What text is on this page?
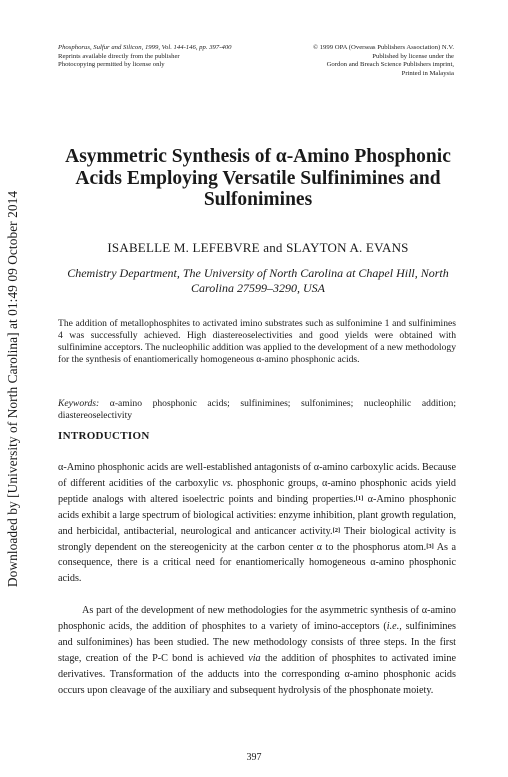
Downloaded by [University of North Carolina] at 01:49 09 October 2014
Phosphorus, Sulfur and Silicon, 1999, Vol. 144-146, pp. 397-400
Reprints available directly from the publisher
Photocopying permitted by license only
© 1999 OPA (Overseas Publishers Association) N.V.
Published by license under the
Gordon and Breach Science Publishers imprint,
Printed in Malaysia
Asymmetric Synthesis of α-Amino Phosphonic
Acids Employing Versatile Sulfinimines and
Sulfonimines
ISABELLE M. LEFEBVRE and SLAYTON A. EVANS
Chemistry Department, The University of North Carolina at Chapel Hill, North
Carolina 27599–3290, USA
The addition of metallophosphites to activated imino substrates such as sulfonimine 1 and sulfinimines 4 was successfully achieved. High diastereoselectivities and good yields were obtained with sulfinimine acceptors. The nucleophilic addition was applied to the development of a new methodology for the synthesis of enantiomerically homogeneous α-amino phosphonic acids.
Keywords: α-amino phosphonic acids; sulfinimines; sulfonimines; nucleophilic addition; diastereoselectivity
INTRODUCTION
α-Amino phosphonic acids are well-established antagonists of α-amino carboxylic acids. Because of different acidities of the carboxylic vs. phosphonic groups, α-amino phosphonic acids yield peptide analogs with altered isoelectric points and binding properties.[1] α-Amino phosphonic acids exhibit a large spectrum of biological activities: enzyme inhibition, plant growth regulation, and herbicidal, antibacterial, neurological and anticancer activity.[2] Their biological activity is strongly dependent on the stereogenicity at the carbon center α to the phosphorus atom.[3] As a consequence, there is a critical need for enantiomerically homogeneous α-amino phosphonic acids.
As part of the development of new methodologies for the asymmetric synthesis of α-amino phosphonic acids, the addition of phosphites to a variety of imino-acceptors (i.e., sulfinimines and sulfonimines) has been studied. The new methodology consists of three steps. In the first stage, creation of the P-C bond is achieved via the addition of phosphites to activated imine derivatives. Transformation of the adducts into the corresponding α-amino phosphonic acids occurs upon cleavage of the auxiliary and subsequent hydrolysis of the phosphonate moiety.
397
